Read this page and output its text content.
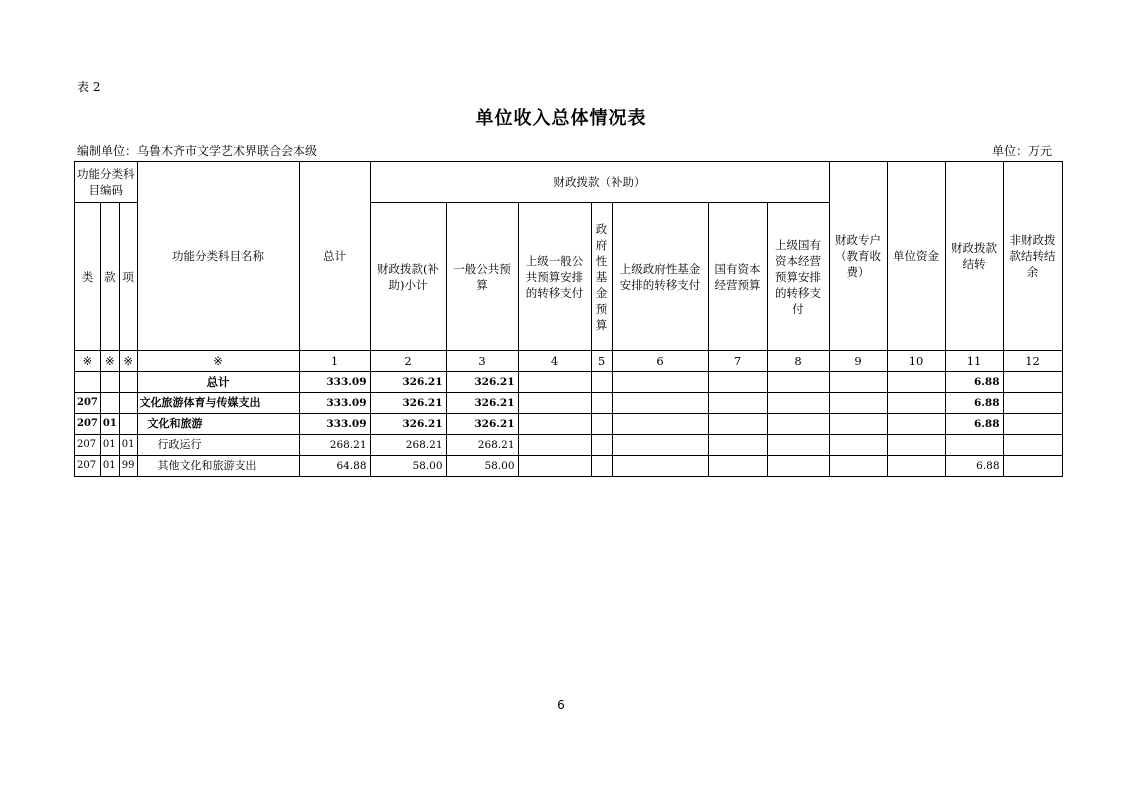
表 2
单位收入总体情况表
编制单位：乌鲁木齐市文学艺术界联合会本级	单位：万元
功能分类科目编码			功能分类科目名称	总计	财政拨款（补助）							财政专户（教育收费）	单位资金	财政拨款结转	非财政拨款结转结余
类	款	项			财政拨款(补助)小计	一般公共预算	上级一般公共预算安排的转移支付	政府性基金预算	上级政府性基金安排的转移支付	国有资本经营预算	上级国有资本经营预算安排的转移支付				
※	※	※	※	1	2	3	4	5	6	7	8	9	10	11	12
			总计	333.09	326.21	326.21								6.88	
207			文化旅游体育与传媒支出	333.09	326.21	326.21								6.88	
207	01		文化和旅游	333.09	326.21	326.21								6.88	
207	01	01	行政运行	268.21	268.21	268.21									
207	01	99	其他文化和旅游支出	64.88	58.00	58.00								6.88	
6
